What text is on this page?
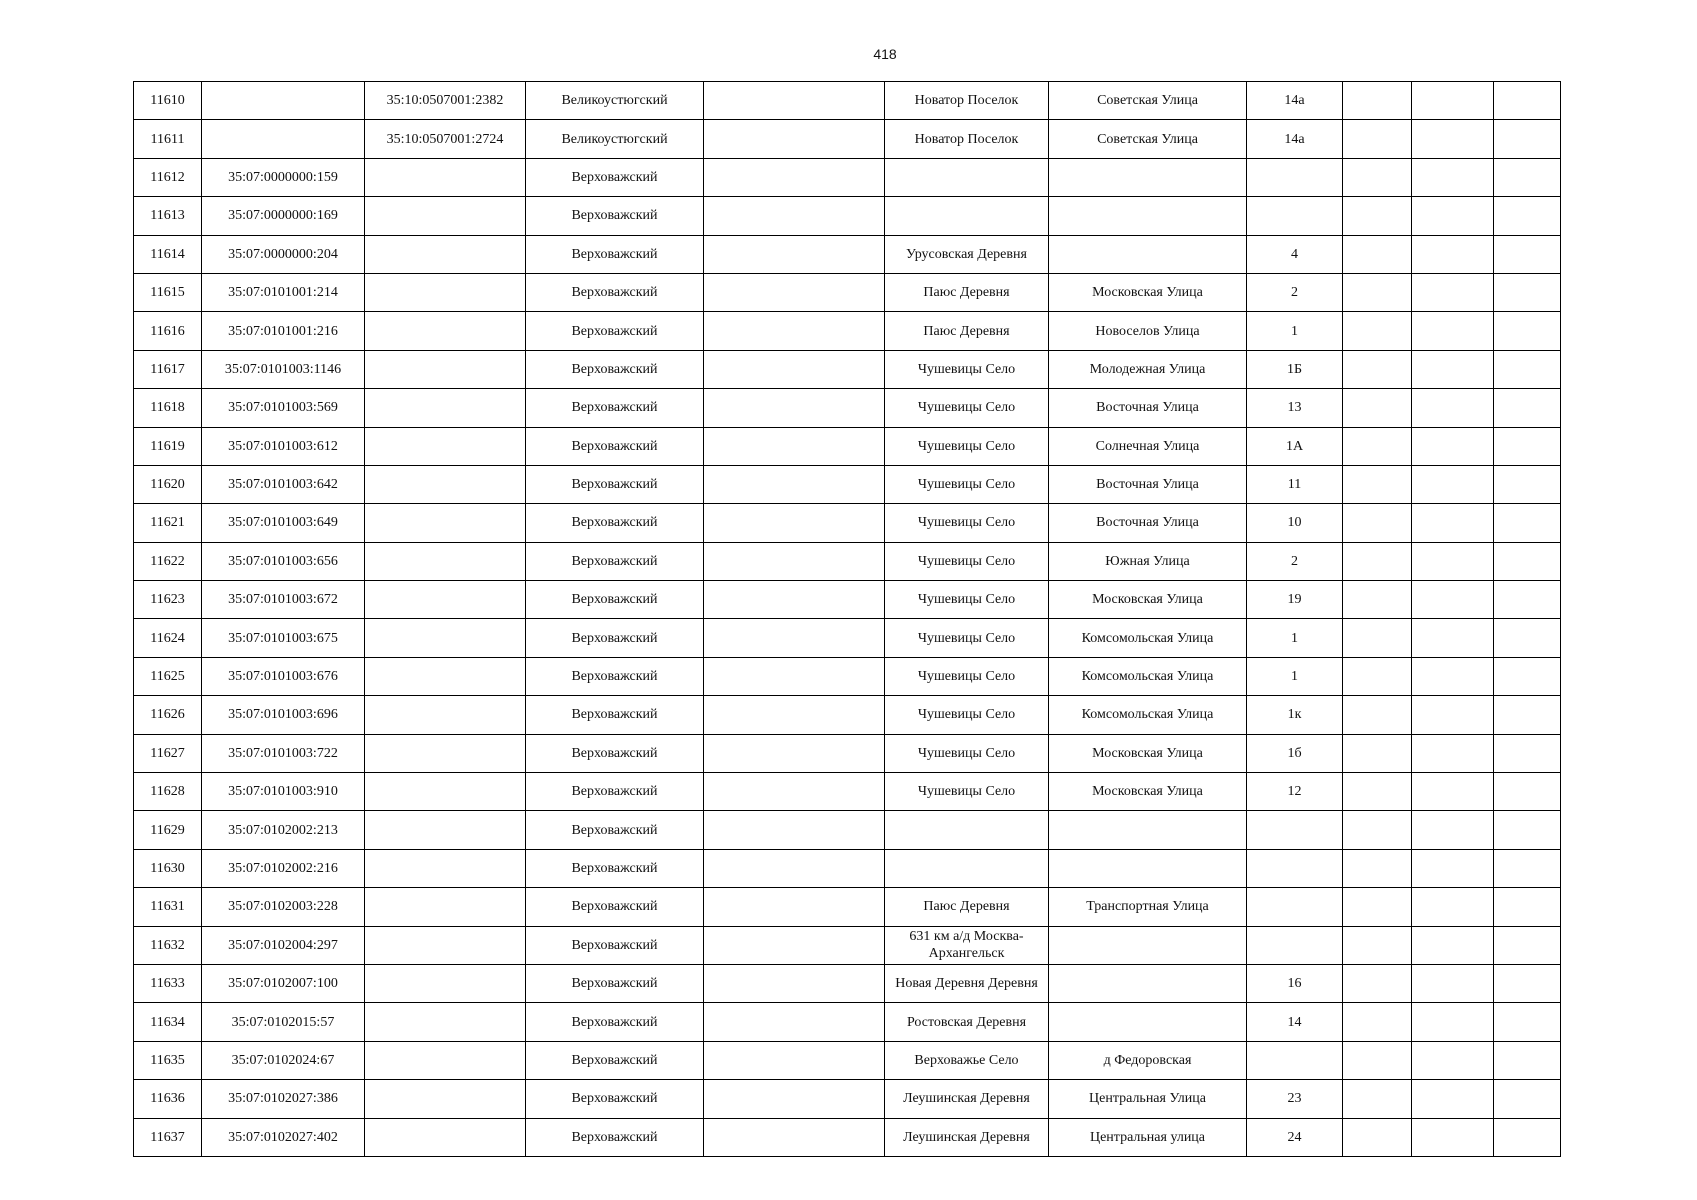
418
11610		35:10:0507001:2382	Великоустюгский		Новатор Поселок	Советская Улица	14а			
11611		35:10:0507001:2724	Великоустюгский		Новатор Поселок	Советская Улица	14а			
11612	35:07:0000000:159		Верховажский							
11613	35:07:0000000:169		Верховажский							
11614	35:07:0000000:204		Верховажский		Урусовская Деревня		4			
11615	35:07:0101001:214		Верховажский		Паюс Деревня	Московская Улица	2			
11616	35:07:0101001:216		Верховажский		Паюс Деревня	Новоселов Улица	1			
11617	35:07:0101003:1146		Верховажский		Чушевицы Село	Молодежная Улица	1Б			
11618	35:07:0101003:569		Верховажский		Чушевицы Село	Восточная Улица	13			
11619	35:07:0101003:612		Верховажский		Чушевицы Село	Солнечная Улица	1А			
11620	35:07:0101003:642		Верховажский		Чушевицы Село	Восточная Улица	11			
11621	35:07:0101003:649		Верховажский		Чушевицы Село	Восточная Улица	10			
11622	35:07:0101003:656		Верховажский		Чушевицы Село	Южная Улица	2			
11623	35:07:0101003:672		Верховажский		Чушевицы Село	Московская Улица	19			
11624	35:07:0101003:675		Верховажский		Чушевицы Село	Комсомольская Улица	1			
11625	35:07:0101003:676		Верховажский		Чушевицы Село	Комсомольская Улица	1			
11626	35:07:0101003:696		Верховажский		Чушевицы Село	Комсомольская Улица	1к			
11627	35:07:0101003:722		Верховажский		Чушевицы Село	Московская Улица	1б			
11628	35:07:0101003:910		Верховажский		Чушевицы Село	Московская Улица	12			
11629	35:07:0102002:213		Верховажский							
11630	35:07:0102002:216		Верховажский							
11631	35:07:0102003:228		Верховажский		Паюс Деревня	Транспортная Улица				
11632	35:07:0102004:297		Верховажский		631 км а/д Москва-Архангельск					
11633	35:07:0102007:100		Верховажский		Новая Деревня Деревня		16			
11634	35:07:0102015:57		Верховажский		Ростовская Деревня		14			
11635	35:07:0102024:67		Верховажский		Верховажье Село	д Федоровская				
11636	35:07:0102027:386		Верховажский		Леушинская Деревня	Центральная Улица	23			
11637	35:07:0102027:402		Верховажский		Леушинская Деревня	Центральная улица	24			
